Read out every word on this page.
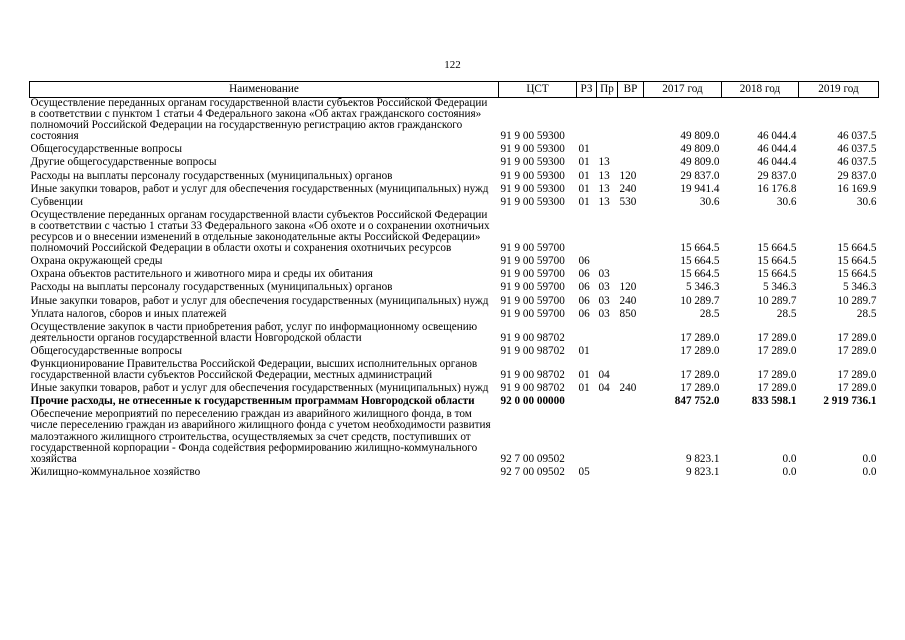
122
Наименование	ЦСТ	РЗ	Пр	ВР	2017 год	2018 год	2019 год
Осуществление переданных органам государственной власти субъектов Российской Федерации в соответствии с пунктом 1 статьи 4 Федерального закона «Об актах гражданского состояния» полномочий Российской Федерации на государственную регистрацию актов гражданского состояния	91 9 00 59300				49 809.0	46 044.4	46 037.5
Общегосударственные вопросы	91 9 00 59300	01			49 809.0	46 044.4	46 037.5
Другие общегосударственные вопросы	91 9 00 59300	01	13		49 809.0	46 044.4	46 037.5
Расходы на выплаты персоналу государственных (муниципальных) органов	91 9 00 59300	01	13	120	29 837.0	29 837.0	29 837.0
Иные закупки товаров, работ и услуг для обеспечения государственных (муниципальных) нужд	91 9 00 59300	01	13	240	19 941.4	16 176.8	16 169.9
Субвенции	91 9 00 59300	01	13	530	30.6	30.6	30.6
Осуществление переданных органам государственной власти субъектов Российской Федерации в соответствии с частью 1 статьи 33 Федерального закона «Об охоте и о сохранении охотничьих ресурсов и о внесении изменений в отдельные законодательные акты Российской Федерации» полномочий Российской Федерации в области охоты и сохранения охотничьих ресурсов	91 9 00 59700				15 664.5	15 664.5	15 664.5
Охрана окружающей среды	91 9 00 59700	06			15 664.5	15 664.5	15 664.5
Охрана объектов растительного и животного мира и среды их обитания	91 9 00 59700	06	03		15 664.5	15 664.5	15 664.5
Расходы на выплаты персоналу государственных (муниципальных) органов	91 9 00 59700	06	03	120	5 346.3	5 346.3	5 346.3
Иные закупки товаров, работ и услуг для обеспечения государственных (муниципальных) нужд	91 9 00 59700	06	03	240	10 289.7	10 289.7	10 289.7
Уплата налогов, сборов и иных платежей	91 9 00 59700	06	03	850	28.5	28.5	28.5
Осуществление закупок в части приобретения работ, услуг по информационному освещению деятельности органов государственной власти Новгородской области	91 9 00 98702				17 289.0	17 289.0	17 289.0
Общегосударственные вопросы	91 9 00 98702	01			17 289.0	17 289.0	17 289.0
Функционирование Правительства Российской Федерации, высших исполнительных органов государственной власти субъектов Российской Федерации, местных администраций	91 9 00 98702	01	04		17 289.0	17 289.0	17 289.0
Иные закупки товаров, работ и услуг для обеспечения государственных (муниципальных) нужд	91 9 00 98702	01	04	240	17 289.0	17 289.0	17 289.0
Прочие расходы, не отнесенные к государственным программам Новгородской области	92 0 00 00000				847 752.0	833 598.1	2 919 736.1
Обеспечение мероприятий по переселению граждан из аварийного жилищного фонда, в том числе переселению граждан из аварийного жилищного фонда с учетом необходимости развития малоэтажного жилищного строительства, осуществляемых за счет средств, поступивших от государственной корпорации - Фонда содействия реформированию жилищно-коммунального хозяйства	92 7 00 09502				9 823.1	0.0	0.0
Жилищно-коммунальное хозяйство	92 7 00 09502	05			9 823.1	0.0	0.0
